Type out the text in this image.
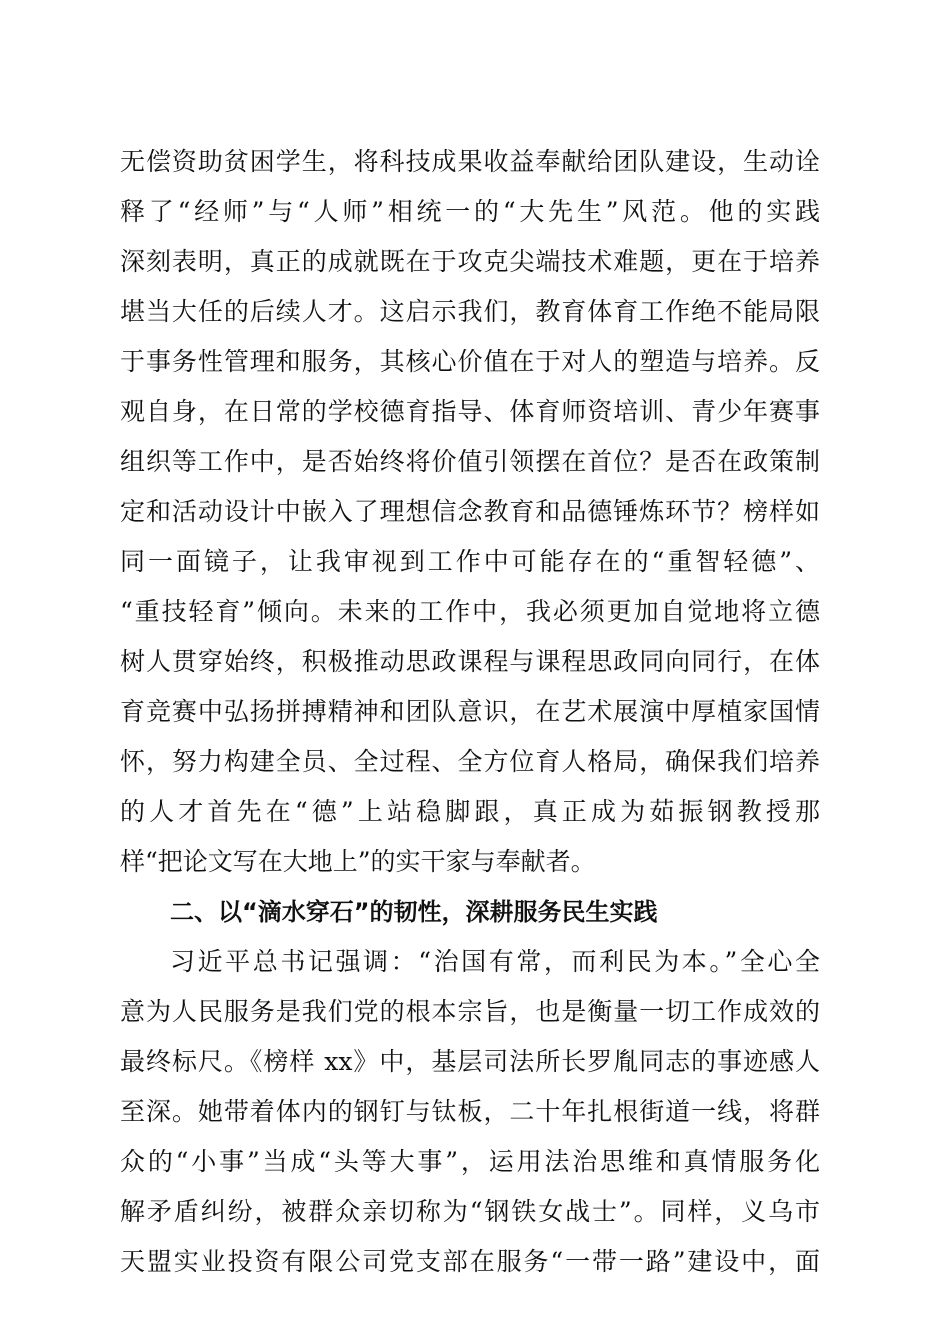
无偿资助贫困学生，将科技成果收益奉献给团队建设，生动诠
释了“经师”与“人师”相统一的“大先生”风范。他的实践
深刻表明，真正的成就既在于攻克尖端技术难题，更在于培养
堪当大任的后续人才。这启示我们，教育体育工作绝不能局限
于事务性管理和服务，其核心价值在于对人的塑造与培养。反
观自身，在日常的学校德育指导、体育师资培训、青少年赛事
组织等工作中，是否始终将价值引领摆在首位？是否在政策制
定和活动设计中嵌入了理想信念教育和品德锤炼环节？榜样如
同一面镜子，让我审视到工作中可能存在的“重智轻德”、
“重技轻育”倾向。未来的工作中，我必须更加自觉地将立德
树人贯穿始终，积极推动思政课程与课程思政同向同行，在体
育竞赛中弘扬拼搏精神和团队意识，在艺术展演中厚植家国情
怀，努力构建全员、全过程、全方位育人格局，确保我们培养
的人才首先在“德”上站稳脚跟，真正成为茹振钢教授那
样“把论文写在大地上”的实干家与奉献者。
二、以“滴水穿石”的韧性，深耕服务民生实践
习近平总书记强调：“治国有常，而利民为本。”全心全
意为人民服务是我们党的根本宗旨，也是衡量一切工作成效的
最终标尺。《榜样 xx》中，基层司法所长罗胤同志的事迹感人
至深。她带着体内的钢钉与钛板，二十年扎根街道一线，将群
众的“小事”当成“头等大事”，运用法治思维和真情服务化
解矛盾纠纷，被群众亲切称为“钢铁女战士”。同样，义乌市
天盟实业投资有限公司党支部在服务“一带一路”建设中，面
